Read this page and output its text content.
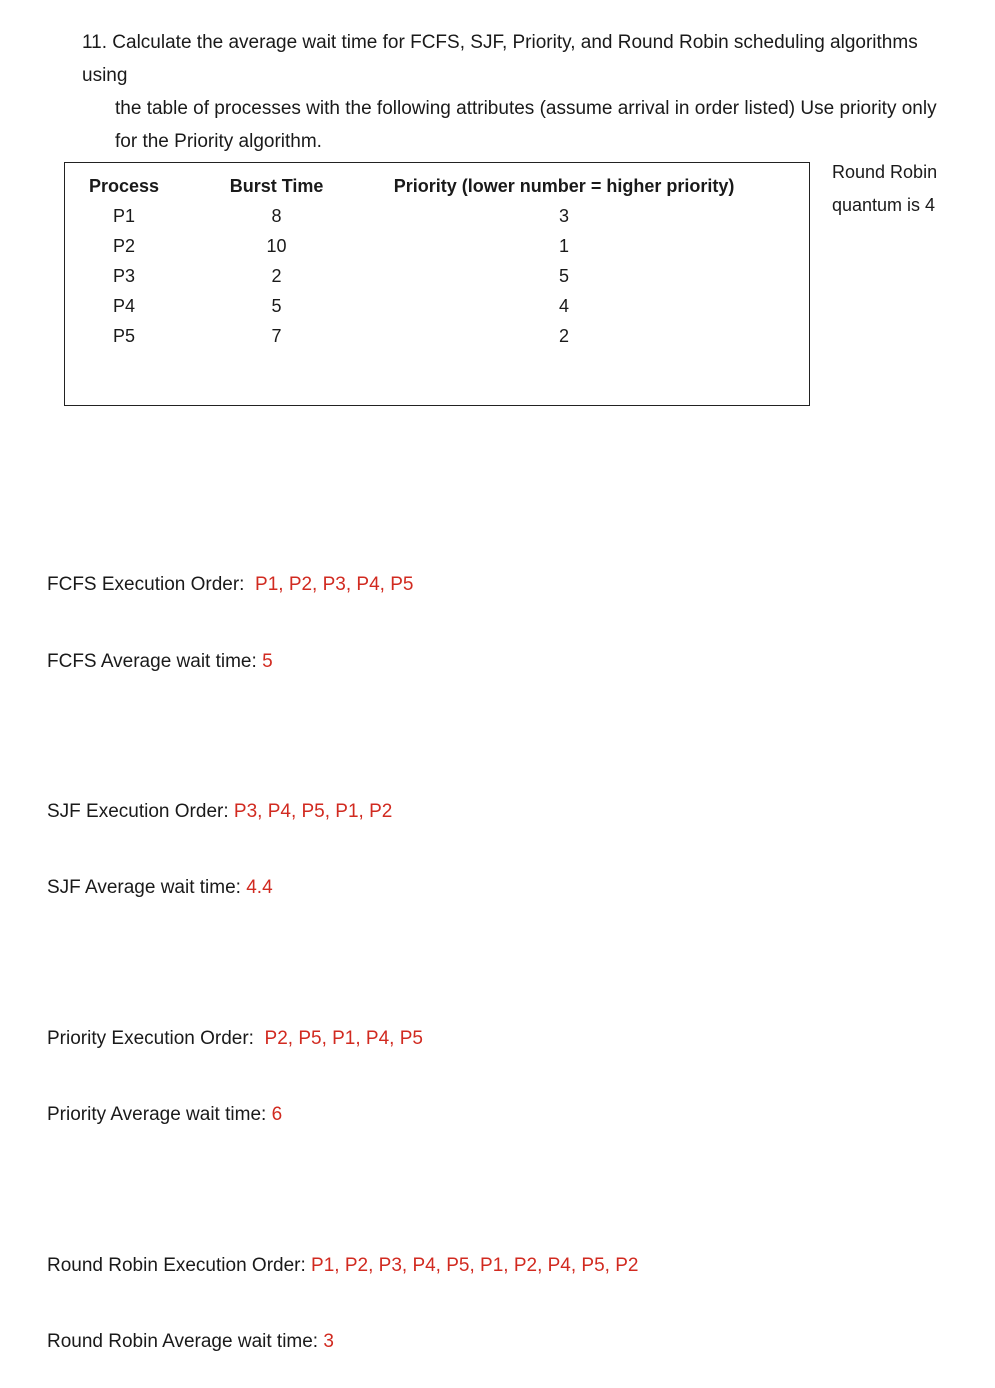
11. Calculate the average wait time for FCFS, SJF, Priority, and Round Robin scheduling algorithms using
the table of processes with the following attributes (assume arrival in order listed) Use priority only
for the Priority algorithm.
Process	Burst Time	Priority (lower number = higher priority)
P1	8	3
P2	10	1
P3	2	5
P4	5	4
P5	7	2
Round Robin
quantum is 4
FCFS Execution Order: P1, P2, P3, P4, P5
FCFS Average wait time: 5
SJF Execution Order: P3, P4, P5, P1, P2
SJF Average wait time: 4.4
Priority Execution Order: P2, P5, P1, P4, P5
Priority Average wait time: 6
Round Robin Execution Order: P1, P2, P3, P4, P5, P1, P2, P4, P5, P2
Round Robin Average wait time: 3
